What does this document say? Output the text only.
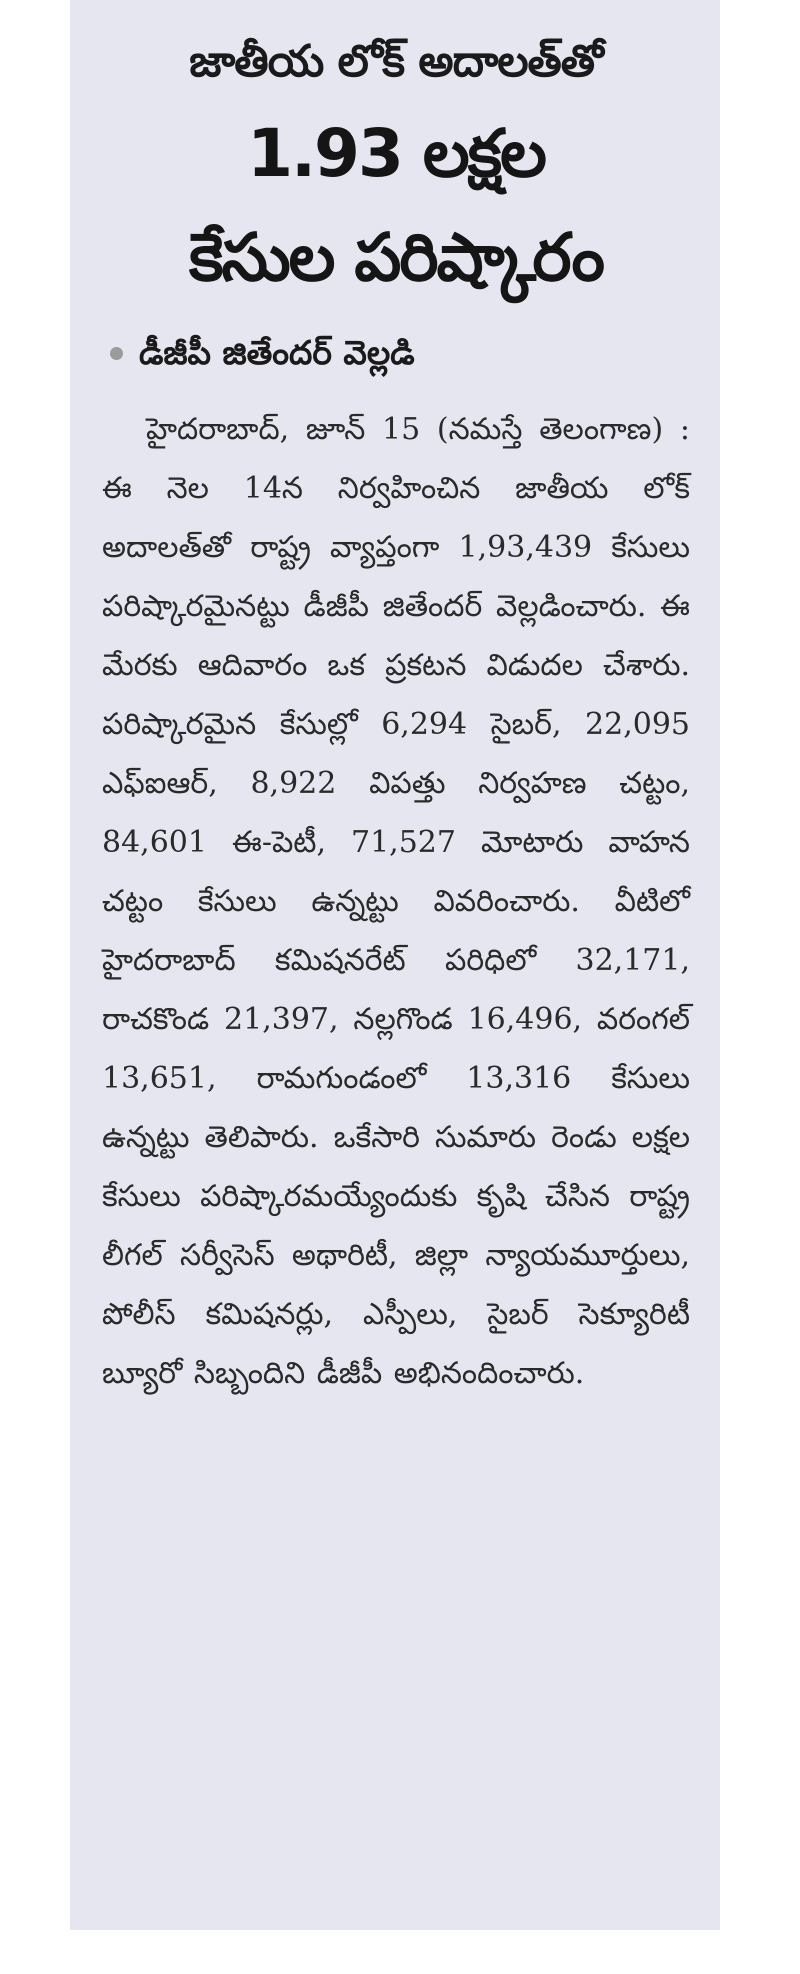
జాతీయ లోక్ అదాలత్‌తో
1.93 లక్షల
కేసుల పరిష్కారం
డీజీపీ జితేందర్ వెల్లడి

హైదరాబాద్, జూన్ 15 (నమస్తే తెలంగాణ) : ఈ నెల 14న నిర్వహించిన జాతీయ లోక్ అదాలత్‌తో రాష్ట్ర వ్యాప్తంగా 1,93,439 కేసులు పరిష్కారమైనట్టు డీజీపీ జితేందర్ వెల్లడించారు. ఈ మేరకు ఆదివారం ఒక ప్రకటన విడుదల చేశారు. పరిష్కారమైన కేసుల్లో 6,294 సైబర్, 22,095 ఎఫ్ఐఆర్, 8,922 విపత్తు నిర్వహణ చట్టం, 84,601 ఈ-పెటీ, 71,527 మోటారు వాహన చట్టం కేసులు ఉన్నట్టు వివరించారు. వీటిలో హైదరాబాద్ కమిషనరేట్ పరిధిలో 32,171, రాచకొండ 21,397, నల్లగొండ 16,496, వరంగల్ 13,651, రామగుండంలో 13,316 కేసులు ఉన్నట్టు తెలిపారు. ఒకేసారి సుమారు రెండు లక్షల కేసులు పరిష్కారమయ్యేందుకు కృషి చేసిన రాష్ట్ర లీగల్ సర్వీసెస్ అథారిటీ, జిల్లా న్యాయమూర్తులు, పోలీస్ కమిషనర్లు, ఎస్పీలు, సైబర్ సెక్యూరిటీ బ్యూరో సిబ్బందిని డీజీపీ అభినందించారు.
